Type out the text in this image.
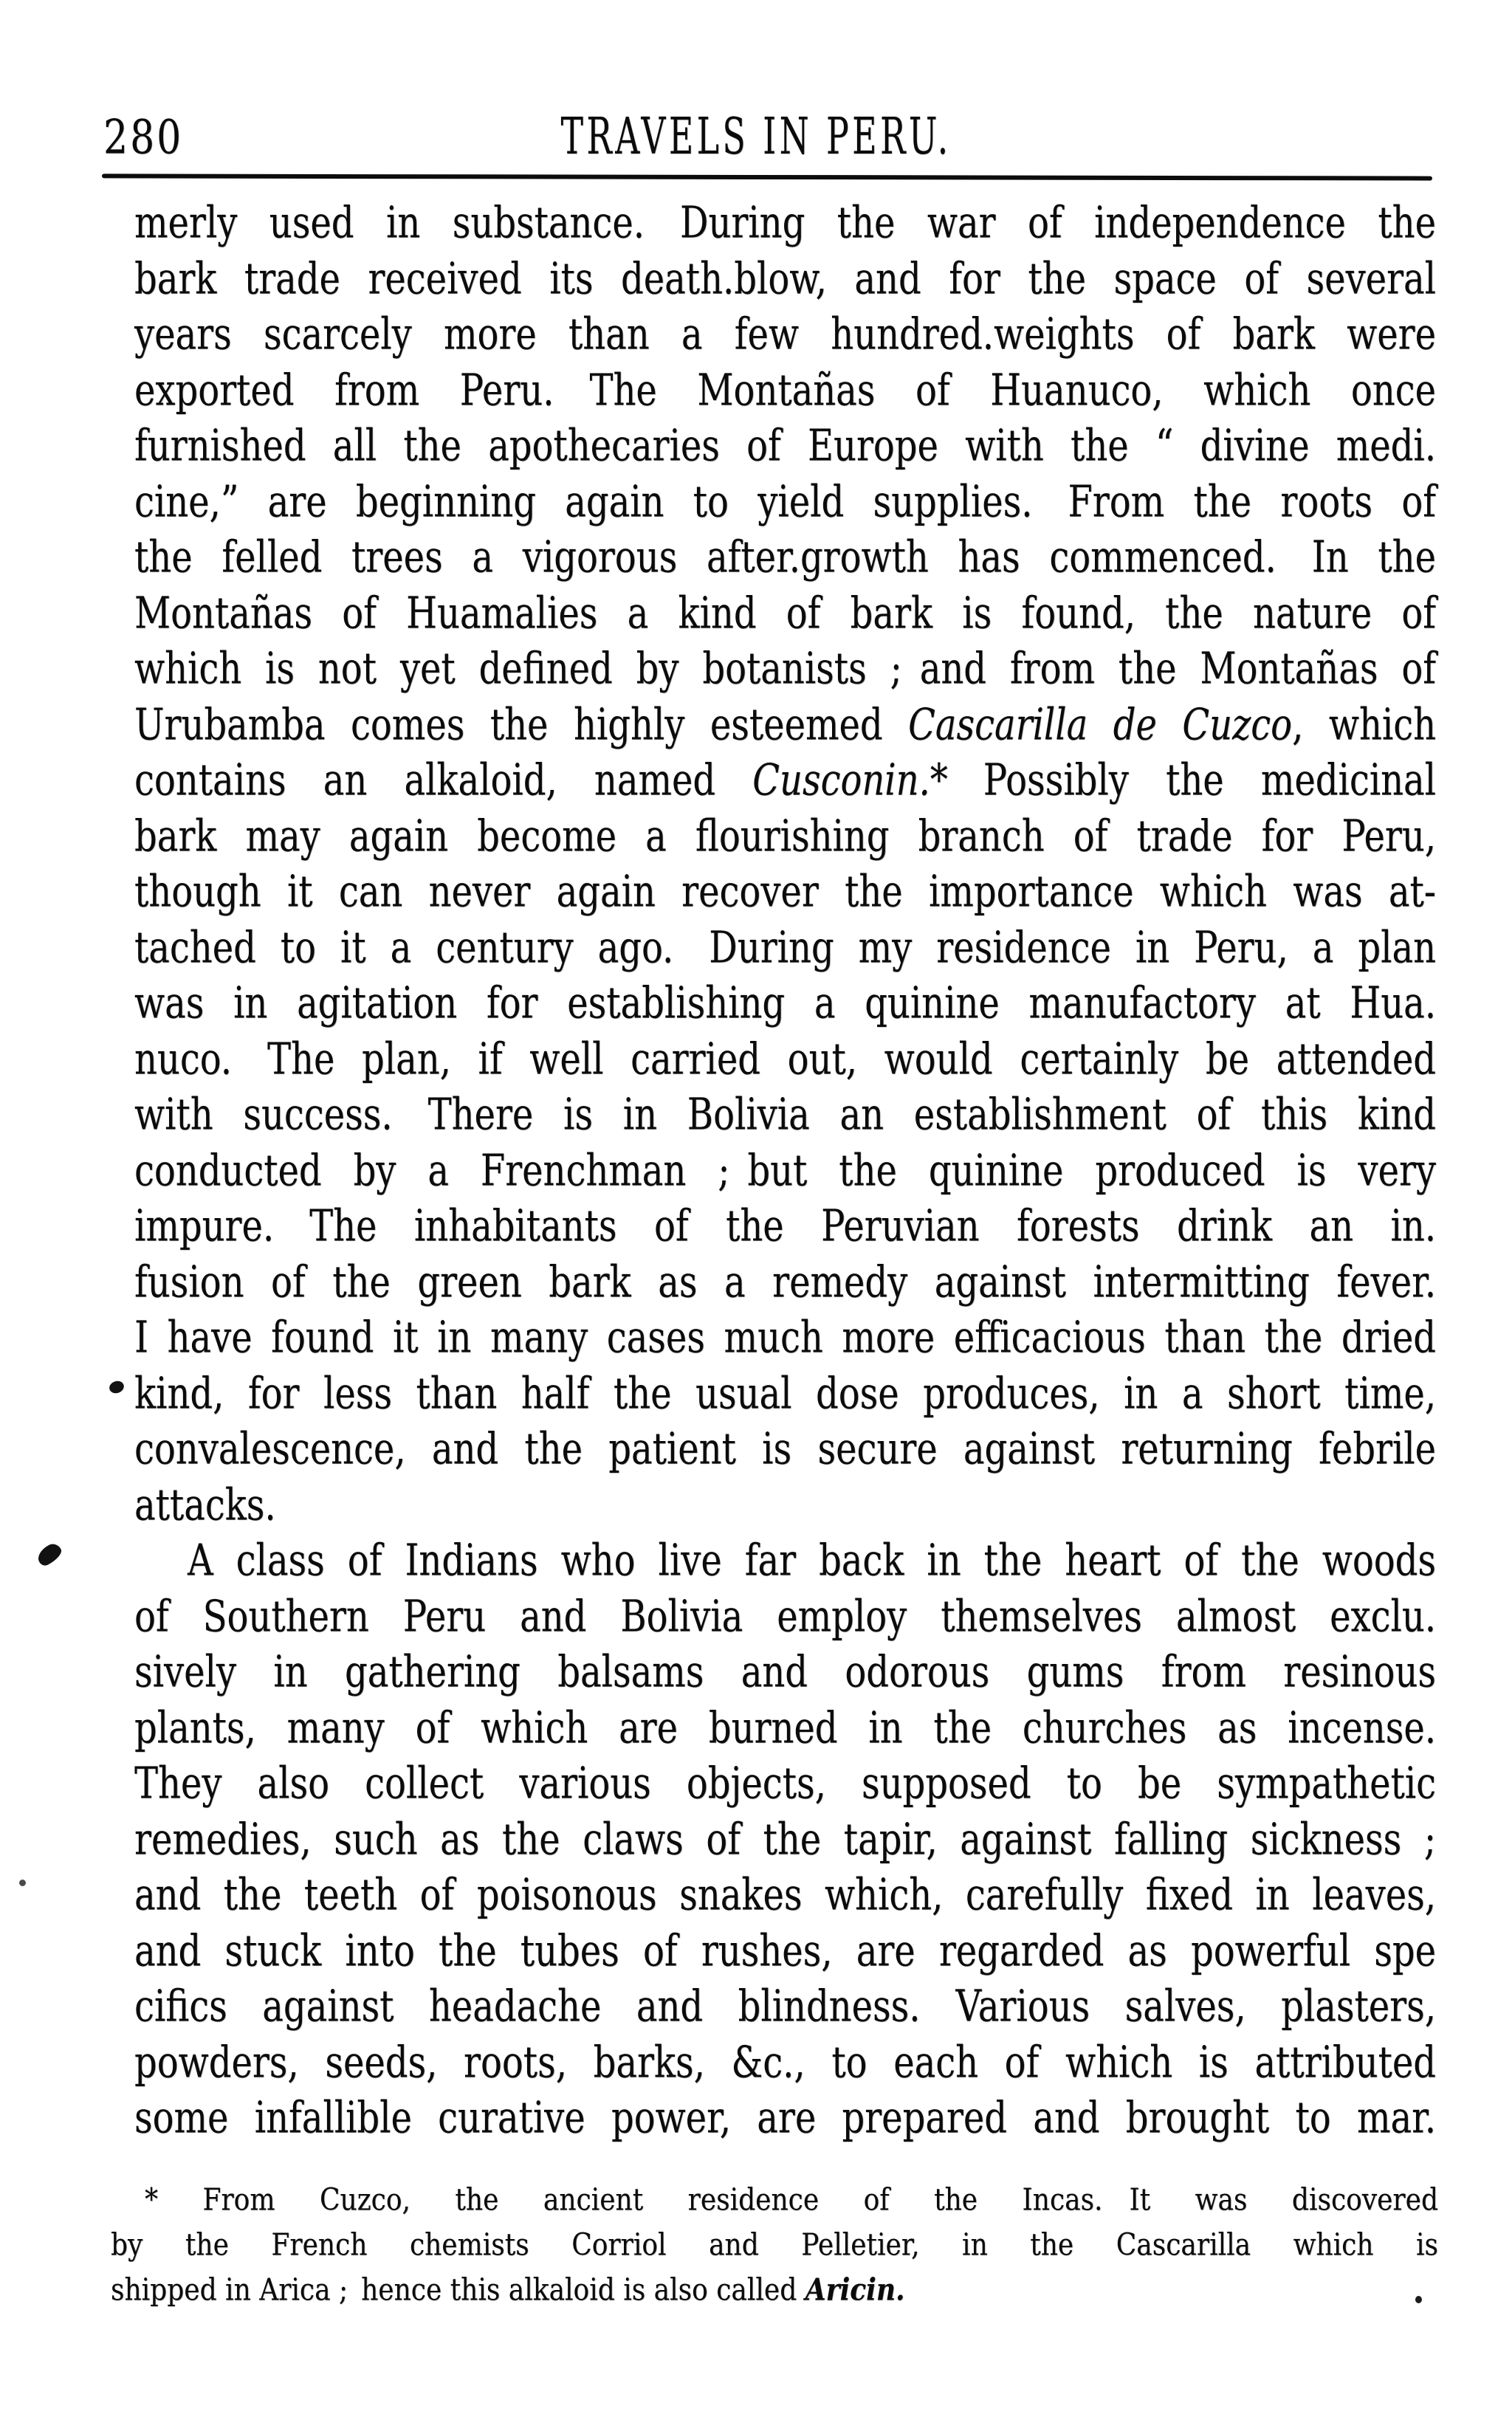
280	TRAVELS IN PERU.
merly used in substance. During the war of independence the
bark trade received its death.blow, and for the space of several
years scarcely more than a few hundred.weights of bark were
exported from Peru. The Montañas of Huanuco, which once
furnished all the apothecaries of Europe with the “ divine medi.
cine,” are beginning again to yield supplies. From the roots of
the felled trees a vigorous after.growth has commenced. In the
Montañas of Huamalies a kind of bark is found, the nature of
which is not yet defined by botanists ; and from the Montañas of
Urubamba comes the highly esteemed Cascarilla de Cuzco, which
contains an alkaloid, named Cusconin.* Possibly the medicinal
bark may again become a flourishing branch of trade for Peru,
though it can never again recover the importance which was at-
tached to it a century ago. During my residence in Peru, a plan
was in agitation for establishing a quinine manufactory at Hua.
nuco. The plan, if well carried out, would certainly be attended
with success. There is in Bolivia an establishment of this kind
conducted by a Frenchman ; but the quinine produced is very
impure. The inhabitants of the Peruvian forests drink an in.
fusion of the green bark as a remedy against intermitting fever.
I have found it in many cases much more efficacious than the dried
kind, for less than half the usual dose produces, in a short time,
convalescence, and the patient is secure against returning febrile
attacks.
A class of Indians who live far back in the heart of the woods
of Southern Peru and Bolivia employ themselves almost exclu.
sively in gathering balsams and odorous gums from resinous
plants, many of which are burned in the churches as incense.
They also collect various objects, supposed to be sympathetic
remedies, such as the claws of the tapir, against falling sickness ;
and the teeth of poisonous snakes which, carefully fixed in leaves,
and stuck into the tubes of rushes, are regarded as powerful spe
cifics against headache and blindness. Various salves, plasters,
powders, seeds, roots, barks, &c., to each of which is attributed
some infallible curative power, are prepared and brought to mar.
* From Cuzco, the ancient residence of the Incas. It was discovered
by the French chemists Corriol and Pelletier, in the Cascarilla which is
shipped in Arica ; hence this alkaloid is also called Aricin.
